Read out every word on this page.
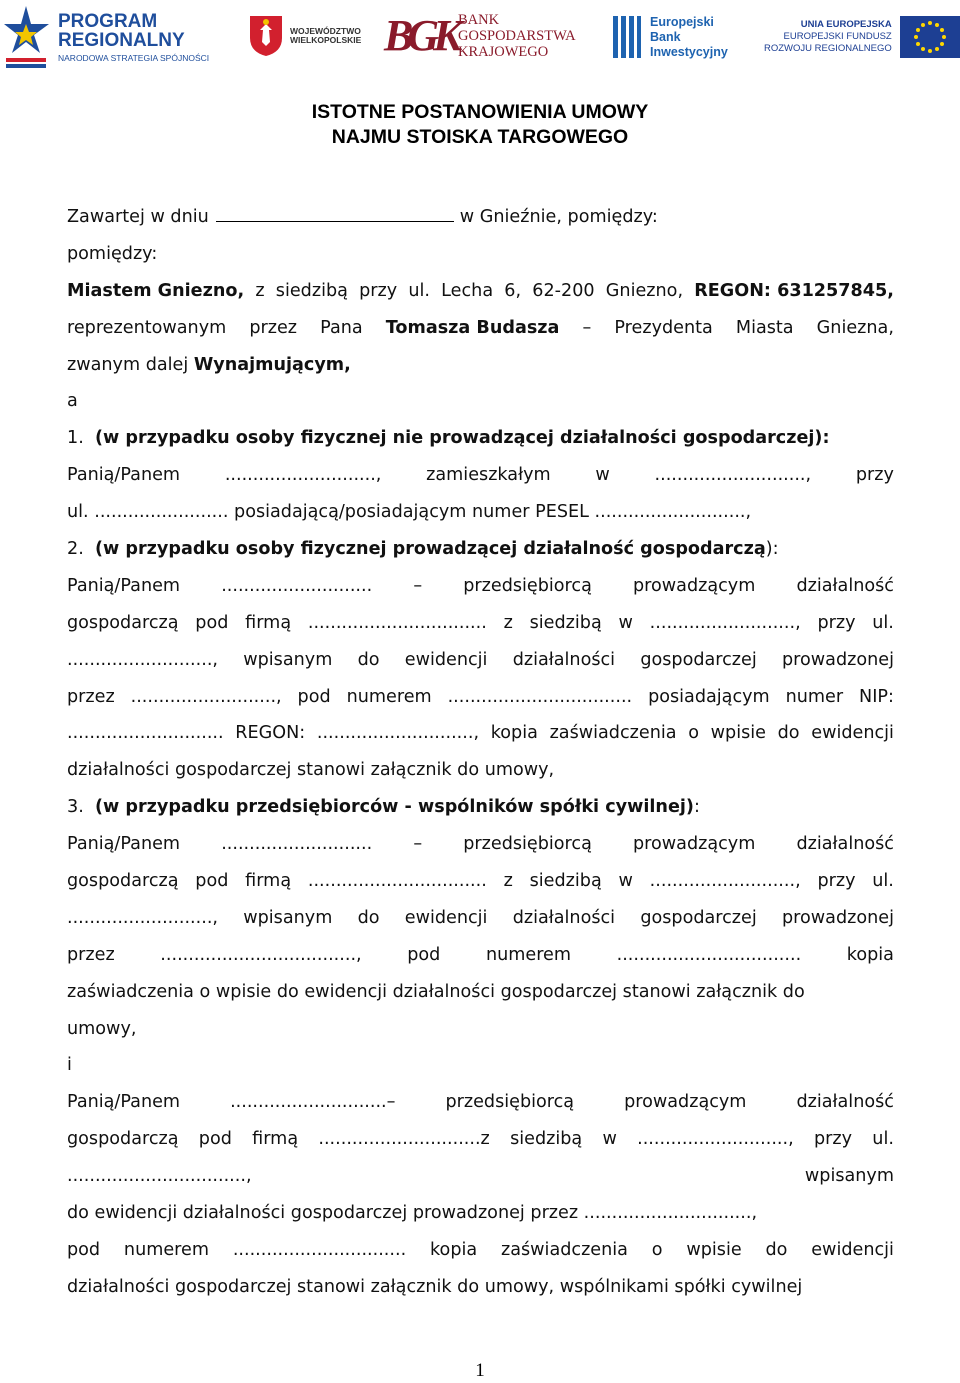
PROGRAM
REGIONALNY
NARODOWA STRATEGIA SPÓJNOŚCI
WOJEWÓDZTWO
WIELKOPOLSKIE BGK BANK
GOSPODARSTWA
KRAJOWEGO
Europejski
Bank
Inwestycyjny
UNIA EUROPEJSKA
EUROPEJSKI FUNDUSZ
ROZWOJU REGIONALNEGO
ISTOTNE POSTANOWIENIA UMOWY
NAJMU STOISKA TARGOWEGO
Zawartej w dniu	w Gnieźnie, pomiędzy:
pomiędzy:
Miastem Gniezno, z siedzibą przy ul. Lecha 6, 62-200 Gniezno, REGON: 631257845,
reprezentowanym przez Pana Tomasza Budasza – Prezydenta Miasta Gniezna,
zwanym dalej Wynajmującym,
a
1. (w przypadku osoby fizycznej nie prowadzącej działalności gospodarczej):
Panią/Panem	...........................,	zamieszkałym	w	...........................,	przy
ul. ........................ posiadającą/posiadającym numer PESEL ...........................,
2. (w przypadku osoby fizycznej prowadzącej działalność gospodarczą):
Panią/Panem ........................... – przedsiębiorcą prowadzącym działalność
gospodarczą pod firmą ................................ z siedzibą w .........................., przy ul.
.........................., wpisanym do ewidencji działalności gospodarczej prowadzonej
przez .........................., pod numerem ................................. posiadającym numer NIP:
............................ REGON: ............................, kopia zaświadczenia o wpisie do ewidencji
działalności gospodarczej stanowi załącznik do umowy,
3. (w przypadku przedsiębiorców - wspólników spółki cywilnej):
Panią/Panem ........................... – przedsiębiorcą prowadzącym działalność
gospodarczą pod firmą ................................ z siedzibą w .........................., przy ul.
.........................., wpisanym do ewidencji działalności gospodarczej prowadzonej
przez	...................................,	pod	numerem	.................................	kopia
zaświadczenia o wpisie do ewidencji działalności gospodarczej stanowi załącznik do
umowy,
i
Panią/Panem	............................–	przedsiębiorcą	prowadzącym	działalność
gospodarczą pod firmą .............................z siedzibą w ..........................., przy ul.
................................,	wpisanym
do ewidencji działalności gospodarczej prowadzonej przez ..............................,
pod numerem ............................... kopia zaświadczenia o wpisie do ewidencji
działalności gospodarczej stanowi załącznik do umowy, wspólnikami spółki cywilnej
1
